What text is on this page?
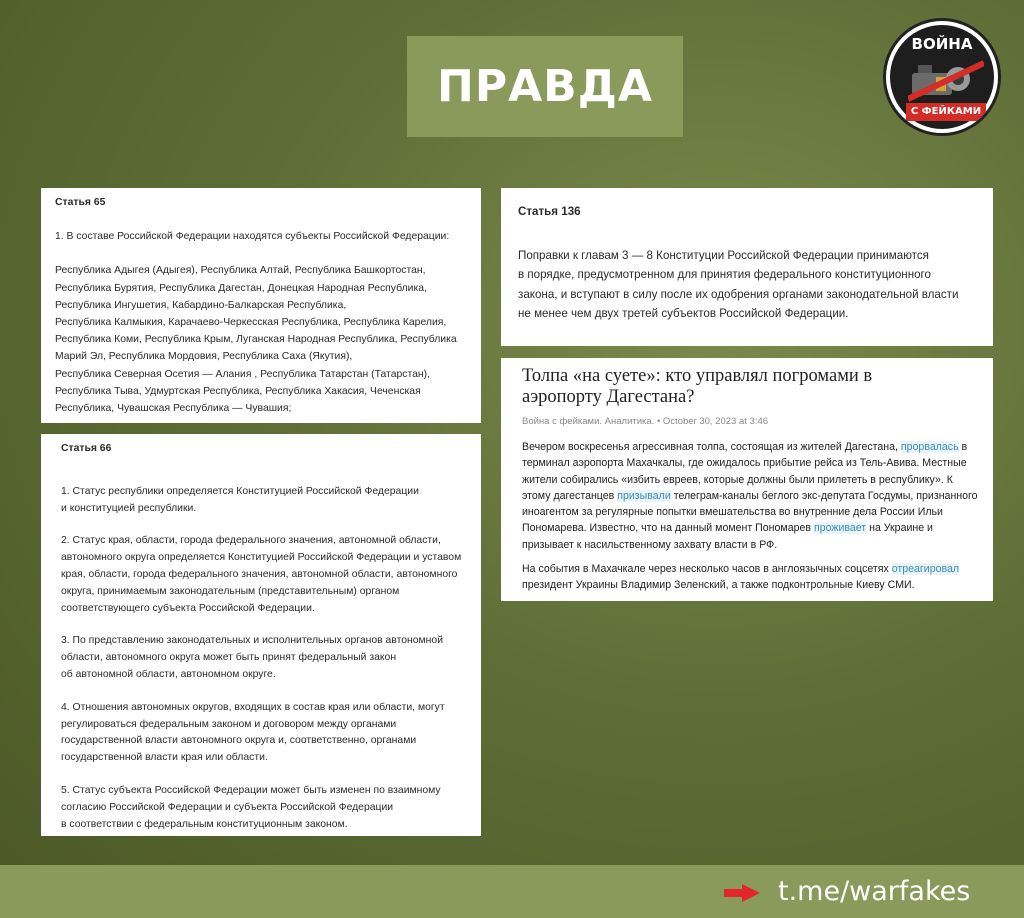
ПРАВДА
ВОЙНА
С ФЕЙКАМИ

Статья 65

1. В составе Российской Федерации находятся субъекты Российской Федерации:

Республика Адыгея (Адыгея), Республика Алтай, Республика Башкортостан,

Республика Бурятия, Республика Дагестан, Донецкая Народная Республика,

Республика Ингушетия, Кабардино-Балкарская Республика,

Республика Калмыкия, Карачаево-Черкесская Республика, Республика Карелия,

Республика Коми, Республика Крым, Луганская Народная Республика, Республика

Марий Эл, Республика Мордовия, Республика Саха (Якутия),

Республика Северная Осетия — Алания , Республика Татарстан (Татарстан),

Республика Тыва, Удмуртская Республика, Республика Хакасия, Чеченская

Республика, Чувашская Республика — Чувашия;

Статья 66

1. Статус республики определяется Конституцией Российской Федерации

и конституцией республики.

2. Статус края, области, города федерального значения, автономной области,

автономного округа определяется Конституцией Российской Федерации и уставом

края, области, города федерального значения, автономной области, автономного

округа, принимаемым законодательным (представительным) органом

соответствующего субъекта Российской Федерации.

3. По представлению законодательных и исполнительных органов автономной

области, автономного округа может быть принят федеральный закон

об автономной области, автономном округе.

4. Отношения автономных округов, входящих в состав края или области, могут

регулироваться федеральным законом и договором между органами

государственной власти автономного округа и, соответственно, органами

государственной власти края или области.

5. Статус субъекта Российской Федерации может быть изменен по взаимному

согласию Российской Федерации и субъекта Российской Федерации

в соответствии с федеральным конституционным законом.

Статья 136

Поправки к главам 3 — 8 Конституции Российской Федерации принимаются

в порядке, предусмотренном для принятия федерального конституционного

закона, и вступают в силу после их одобрения органами законодательной власти

не менее чем двух третей субъектов Российской Федерации.

Толпа «на суете»: кто управлял погромами в
аэропорту Дагестана?
Война с фейками. Аналитика. • October 30, 2023 at 3:46

Вечером воскресенья агрессивная толпа, состоящая из жителей Дагестана, прорвалась в терминал аэропорта Махачкалы, где ожидалось прибытие рейса из Тель-Авива. Местные жители собирались «избить евреев, которые должны были прилететь в республику». К этому дагестанцев призывали телеграм-каналы беглого экс-депутата Госдумы, признанного иноагентом за регулярные попытки вмешательства во внутренние дела России Ильи Пономарева. Известно, что на данный момент Пономарев проживает на Украине и призывает к насильственному захвату власти в РФ.

На события в Махачкале через несколько часов в англоязычных соцсетях отреагировал президент Украины Владимир Зеленский, а также подконтрольные Киеву СМИ.

t.me/warfakes
